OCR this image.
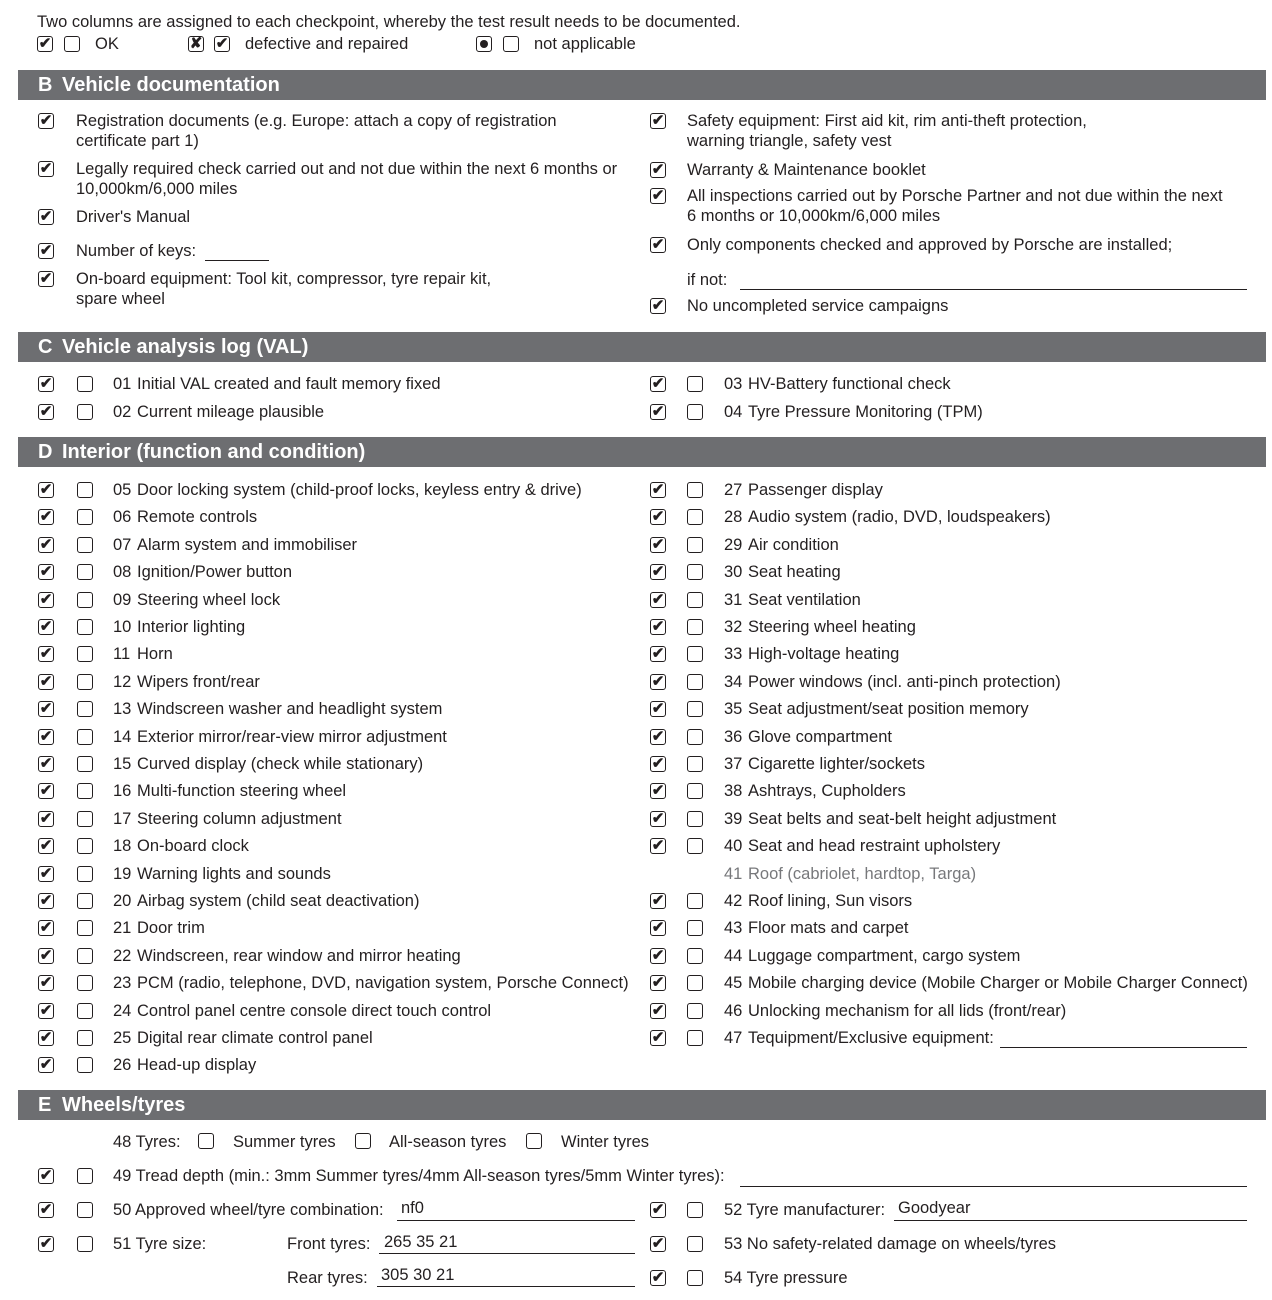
Two columns are assigned to each checkpoint, whereby the test result needs to be documented.
✔	OK	✘ ✔ defective and repaired	not applicable
B Vehicle documentation
C Vehicle analysis log (VAL)
D Interior (function and condition)
E Wheels/tyres
✔ Registration documents (e.g. Europe: attach a copy of registration
certificate part 1)
✔ Legally required check carried out and not due within the next 6 months or
10,000km/6,000 miles
✔ Driver's Manual
✔ Number of keys:
✔ On-board equipment: Tool kit, compressor, tyre repair kit,
spare wheel
✔ Safety equipment: First aid kit, rim anti-theft protection,
warning triangle, safety vest
✔ Warranty & Maintenance booklet
✔ All inspections carried out by Porsche Partner and not due within the next
6 months or 10,000km/6,000 miles
✔ Only components checked and approved by Porsche are installed;
if not:
✔ No uncompleted service campaigns
✔	01 Initial VAL created and fault memory fixed
✔	02 Current mileage plausible
✔	03 HV-Battery functional check
✔	04 Tyre Pressure Monitoring (TPM)
✔	05 Door locking system (child-proof locks, keyless entry & drive)
✔	06 Remote controls
✔	07 Alarm system and immobiliser
✔	08 Ignition/Power button
✔	09 Steering wheel lock
✔	10 Interior lighting
✔	11 Horn
✔	12 Wipers front/rear
✔	13 Windscreen washer and headlight system
✔	14 Exterior mirror/rear-view mirror adjustment
✔	15 Curved display (check while stationary)
✔	16 Multi-function steering wheel
✔	17 Steering column adjustment
✔	18 On-board clock
✔	19 Warning lights and sounds
✔	20 Airbag system (child seat deactivation)
✔	21 Door trim
✔	22 Windscreen, rear window and mirror heating
✔	23 PCM (radio, telephone, DVD, navigation system, Porsche Connect)
✔	24 Control panel centre console direct touch control
✔	25 Digital rear climate control panel
✔	26 Head-up display
✔	27 Passenger display
✔	28 Audio system (radio, DVD, loudspeakers)
✔	29 Air condition
✔	30 Seat heating
✔	31 Seat ventilation
✔	32 Steering wheel heating
✔	33 High-voltage heating
✔	34 Power windows (incl. anti-pinch protection)
✔	35 Seat adjustment/seat position memory
✔	36 Glove compartment
✔	37 Cigarette lighter/sockets
✔	38 Ashtrays, Cupholders
✔	39 Seat belts and seat-belt height adjustment
✔	40 Seat and head restraint upholstery
41 Roof (cabriolet, hardtop, Targa)
✔	42 Roof lining, Sun visors
✔	43 Floor mats and carpet
✔	44 Luggage compartment, cargo system
✔	45 Mobile charging device (Mobile Charger or Mobile Charger Connect)
✔	46 Unlocking mechanism for all lids (front/rear)
✔	47 Tequipment/Exclusive equipment:
48 Tyres:	Summer tyres	All-season tyres	Winter tyres
✔	49 Tread depth (min.: 3mm Summer tyres/4mm All-season tyres/5mm Winter tyres):
✔	50 Approved wheel/tyre combination: nf0	✔	52 Tyre manufacturer: Goodyear
✔	51 Tyre size:	Front tyres: 265 35 21	✔	53 No safety-related damage on wheels/tyres
Rear tyres: 305 30 21	✔	54 Tyre pressure
